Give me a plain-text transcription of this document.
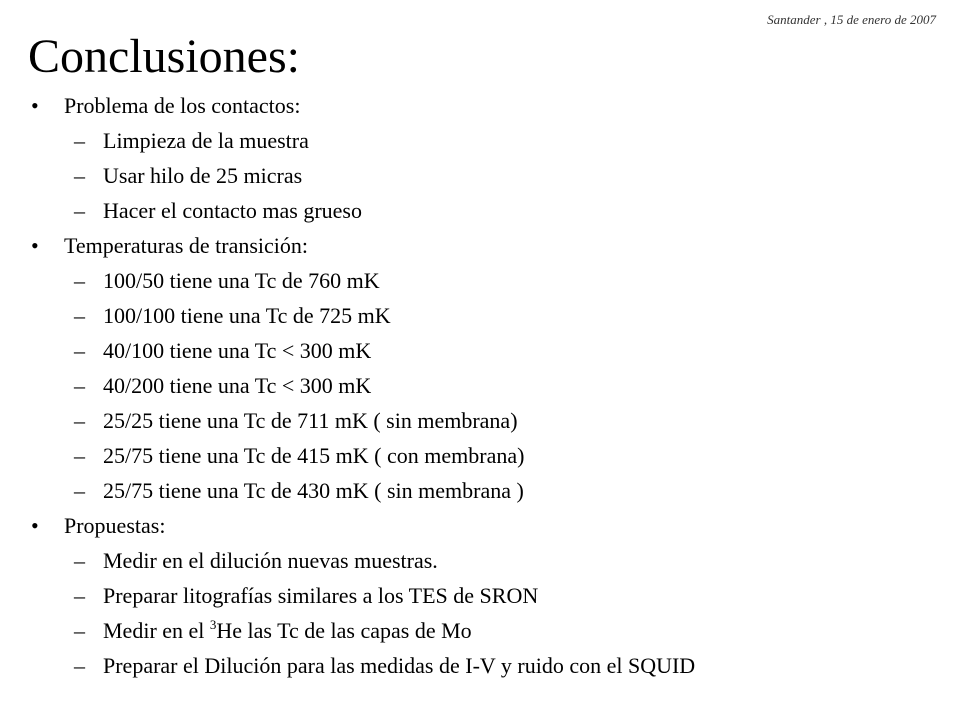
Santander , 15 de enero de 2007
Conclusiones:
• Problema de los contactos:
– Limpieza de la muestra
– Usar hilo de 25 micras
– Hacer el contacto mas grueso
• Temperaturas de transición:
– 100/50 tiene una Tc de 760 mK
– 100/100 tiene una Tc de 725 mK
– 40/100 tiene una Tc < 300 mK
– 40/200 tiene una Tc < 300 mK
– 25/25 tiene una Tc de 711 mK ( sin membrana)
– 25/75 tiene una Tc de 415 mK ( con membrana)
– 25/75 tiene una Tc de 430 mK ( sin membrana )
• Propuestas:
– Medir en el dilución nuevas muestras.
– Preparar litografías similares a los TES de SRON
– Medir en el $^3$He las Tc de las capas de Mo
– Preparar el Dilución para las medidas de I-V y ruido con el SQUID
